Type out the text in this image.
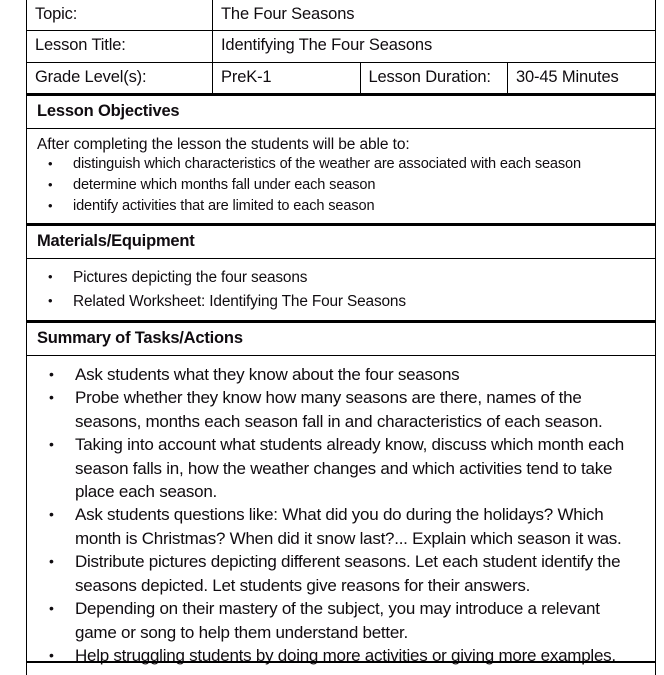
Topic:	The Four Seasons		
Lesson Title:	Identifying The Four Seasons		
Grade Level(s):	PreK-1	Lesson Duration:	30-45 Minutes
Lesson Objectives
After completing the lesson the students will be able to:
• distinguish which characteristics of the weather are associated with each season
• determine which months fall under each season
• identify activities that are limited to each season
Materials/Equipment
• Pictures depicting the four seasons
• Related Worksheet: Identifying The Four Seasons
Summary of Tasks/Actions
• Ask students what they know about the four seasons
• Probe whether they know how many seasons are there, names of the seasons, months each season fall in and characteristics of each season.
• Taking into account what students already know, discuss which month each season falls in, how the weather changes and which activities tend to take place each season.
• Ask students questions like: What did you do during the holidays? Which month is Christmas? When did it snow last?... Explain which season it was.
• Distribute pictures depicting different seasons. Let each student identify the seasons depicted. Let students give reasons for their answers.
• Depending on their mastery of the subject, you may introduce a relevant game or song to help them understand better.
• Help struggling students by doing more activities or giving more examples.
